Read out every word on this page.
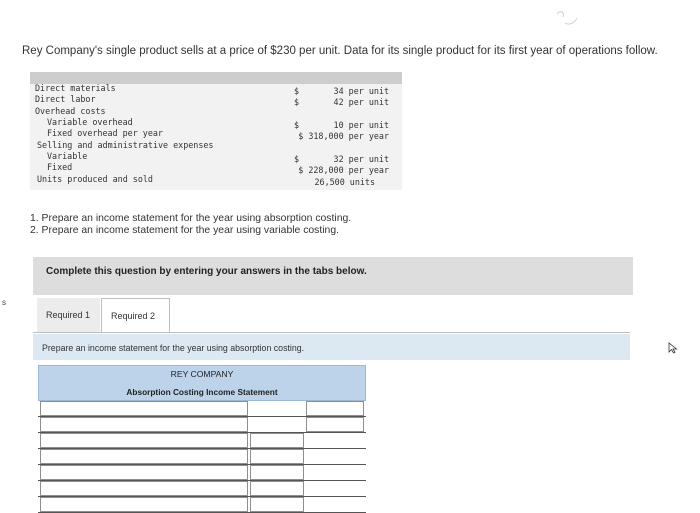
Rey Company's single product sells at a price of $230 per unit. Data for its single product for its first year of operations follow.
Direct materials	$	34 per unit
Direct labor	$	42 per unit
Overhead costs
Variable overhead	$	10 per unit
Fixed overhead per year	$ 318,000 per year
Selling and administrative expenses
Variable	$	32 per unit
Fixed	$ 228,000 per year
Units produced and sold	26,500 units
1. Prepare an income statement for the year using absorption costing.
2. Prepare an income statement for the year using variable costing.
Complete this question by entering your answers in the tabs below.
s
Required 1 Required 2
Prepare an income statement for the year using absorption costing.
REY COMPANY
Absorption Costing Income Statement
